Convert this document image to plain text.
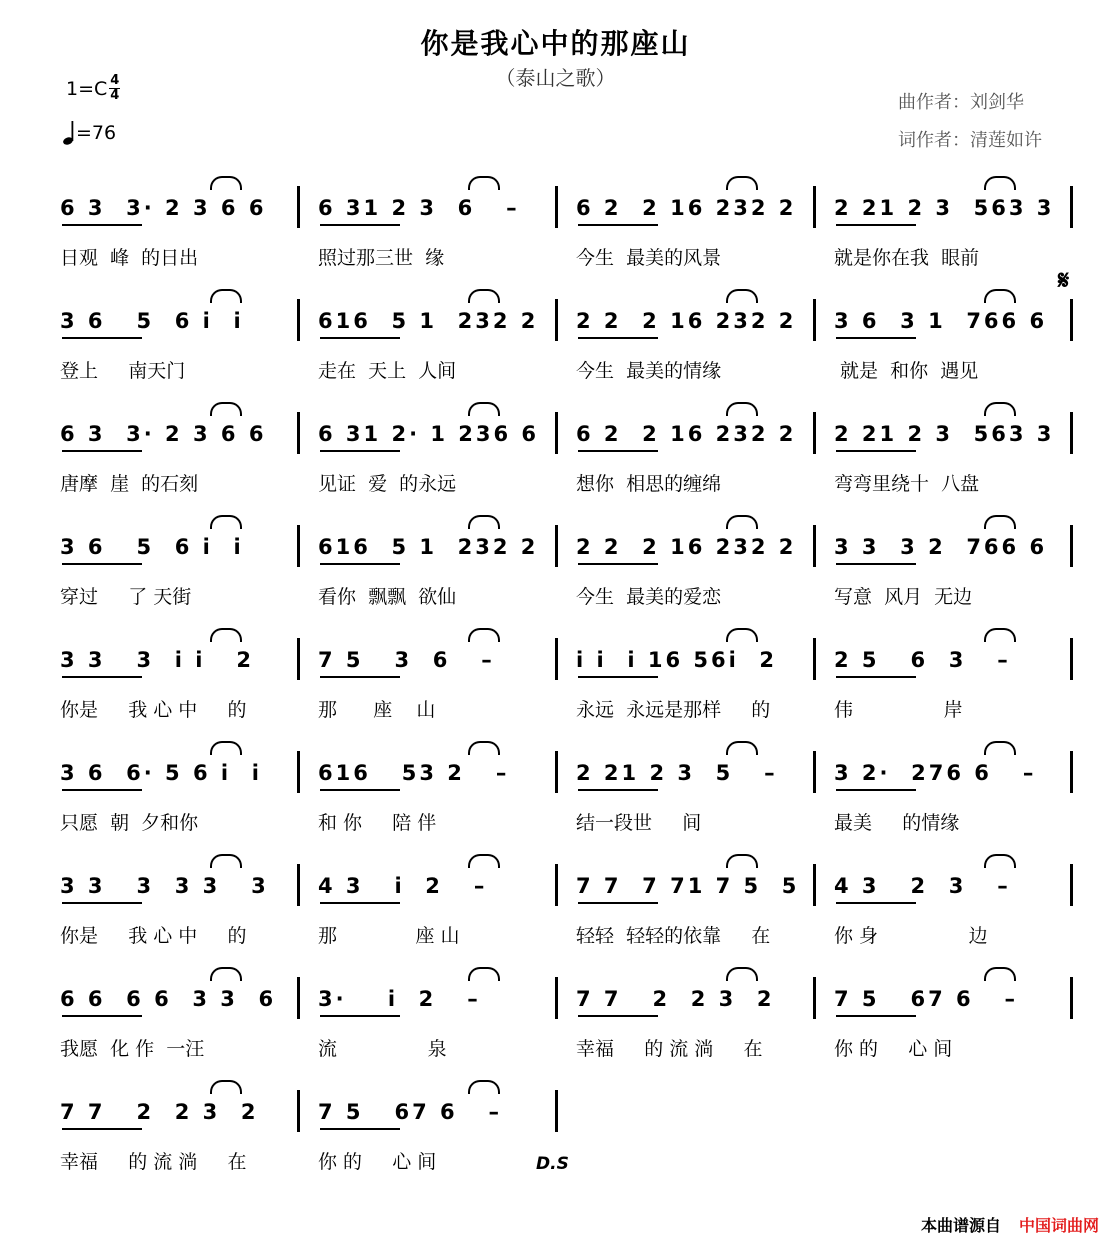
你是我心中的那座山
（泰山之歌）
$1=C \frac{4}{4}$
=76
曲作者：刘剑华
词作者：清莲如许
6 3  3· 2 3 6 6 6 31 2 3  6   –	6 2  2 16 232 2 2 21 2 3  563 3
日观  峰  的日出	照过那三世  缘	今生  最美的风景	就是你在我  眼前
3 6   5  6 i  i	616  5 1  232 2 2 2  2 16 232 2 3 6  3 1  766 6
登上     南天门	走在  天上  人间	今生  最美的情缘	就是  和你  遇见
6 3  3· 2 3 6 6 6 31 2· 1 236 6 6 2  2 16 232 2 2 21 2 3  563 3
唐摩  崖  的石刻	见证  爱  的永远	想你  相思的缠绵	弯弯里绕十  八盘
3 6   5  6 i  i	616  5 1  232 2 2 2  2 16 232 2 3 3  3 2  766 6
穿过     了 天街	看你  飘飘  欲仙	今生  最美的爱恋	写意  风月  无边
3 3   3  i i   2	7 5   3  6   –	i i  i 16 56i  2	2 5   6  3   –
你是     我 心 中     的	那      座    山	永远  永远是那样     的	伟               岸
3 6  6· 5 6 i  i	616   53 2   –	2 21 2 3  5   –	3 2·  276 6   –
只愿  朝  夕和你	和 你     陪 伴	结一段世     间	最美     的情缘
3 3   3  3 3   3 4 3   i  2   –	7 7  7 71 7 5  5 4 3   2  3   –
你是     我 心 中     的	那             座 山	轻轻  轻轻的依靠     在	你 身               边
6 6  6 6  3 3  6 3·    i  2   –	7 7   2  2 3  2	7 5   67 6   –
我愿  化 作  一汪	流               泉	幸福     的 流 淌     在	你 的     心 间
7 7   2  2 3  2	7 5   67 6   –
幸福     的 流 淌     在	你 的     心 间
𝄋
D.S
本曲谱源自 中国词曲网
